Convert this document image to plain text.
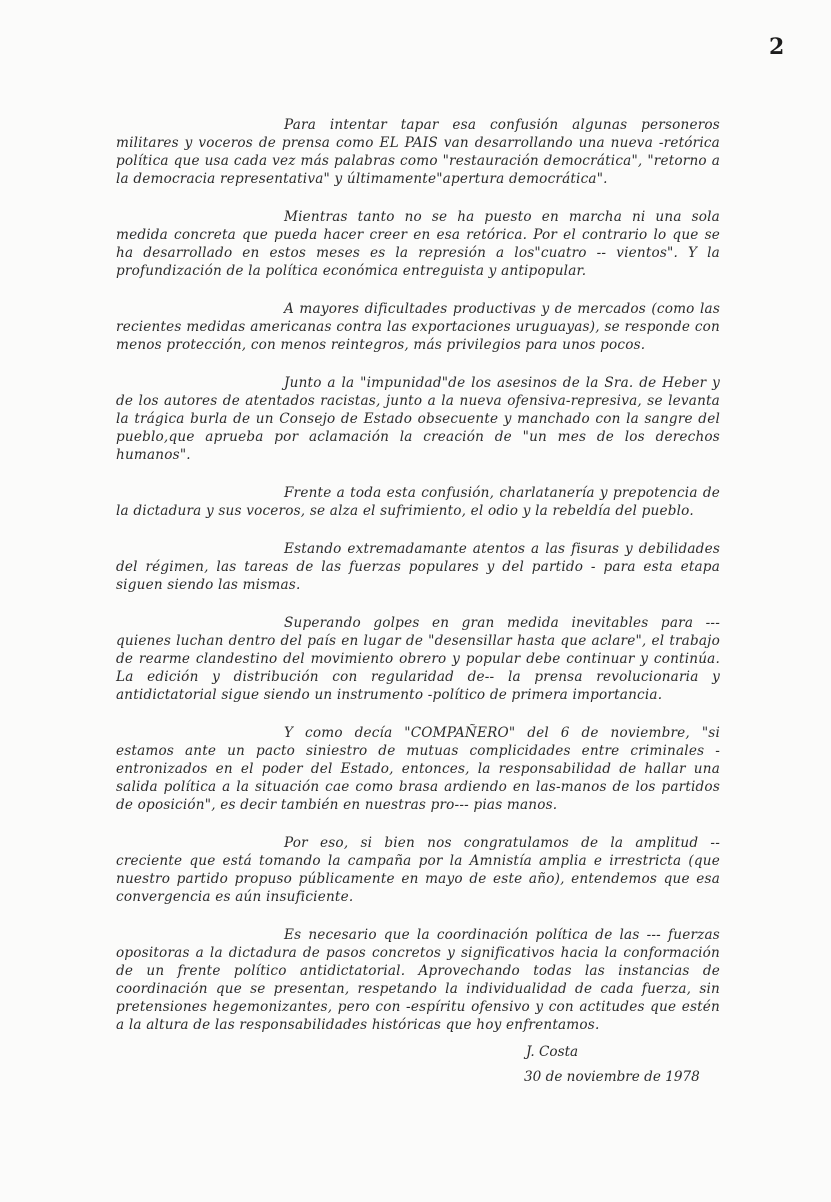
2

Para intentar tapar esa confusión algunas personeros militares y voceros de prensa como EL PAIS van desarrollando una nueva -retórica política que usa cada vez más palabras como "restauración democrática", "retorno a la democracia representativa" y últimamente"apertura democrática".

Mientras tanto no se ha puesto en marcha ni una sola medida concreta que pueda hacer creer en esa retórica. Por el contrario lo que se ha desarrollado en estos meses es la represión a los"cuatro -- vientos". Y la profundización de la política económica entreguista y antipopular.

A mayores dificultades productivas y de mercados (como las recientes medidas americanas contra las exportaciones uruguayas), se responde con menos protección, con menos reintegros, más privilegios para unos pocos.

Junto a la "impunidad"de los asesinos de la Sra. de Heber y de los autores de atentados racistas, junto a la nueva ofensiva-represiva, se levanta la trágica burla de un Consejo de Estado obsecuente y manchado con la sangre del pueblo,que aprueba por aclamación la creación de "un mes de los derechos humanos".

Frente a toda esta confusión, charlatanería y prepotencia de la dictadura y sus voceros, se alza el sufrimiento, el odio y la rebeldía del pueblo.

Estando extremadamante atentos a las fisuras y debilidades del régimen, las tareas de las fuerzas populares y del partido - para esta etapa siguen siendo las mismas.

Superando golpes en gran medida inevitables para --- quienes luchan dentro del país en lugar de "desensillar hasta que aclare", el trabajo de rearme clandestino del movimiento obrero y popular debe continuar y continúa. La edición y distribución con regularidad de-- la prensa revolucionaria y antidictatorial sigue siendo un instrumento -político de primera importancia.

Y como decía "COMPAÑERO" del 6 de noviembre, "si estamos ante un pacto siniestro de mutuas complicidades entre criminales -entronizados en el poder del Estado, entonces, la responsabilidad de hallar una salida política a la situación cae como brasa ardiendo en las-manos de los partidos de oposición", es decir también en nuestras pro--- pias manos.

Por eso, si bien nos congratulamos de la amplitud -- creciente que está tomando la campaña por la Amnistía amplia e irrestricta (que nuestro partido propuso públicamente en mayo de este año), entendemos que esa convergencia es aún insuficiente.

Es necesario que la coordinación política de las --- fuerzas opositoras a la dictadura de pasos concretos y significativos hacia la conformación de un frente político antidictatorial. Aprovechando todas las instancias de coordinación que se presentan, respetando la individualidad de cada fuerza, sin pretensiones hegemonizantes, pero con -espíritu ofensivo y con actitudes que estén a la altura de las responsabilidades históricas que hoy enfrentamos.

J. Costa
30 de noviembre de 1978
